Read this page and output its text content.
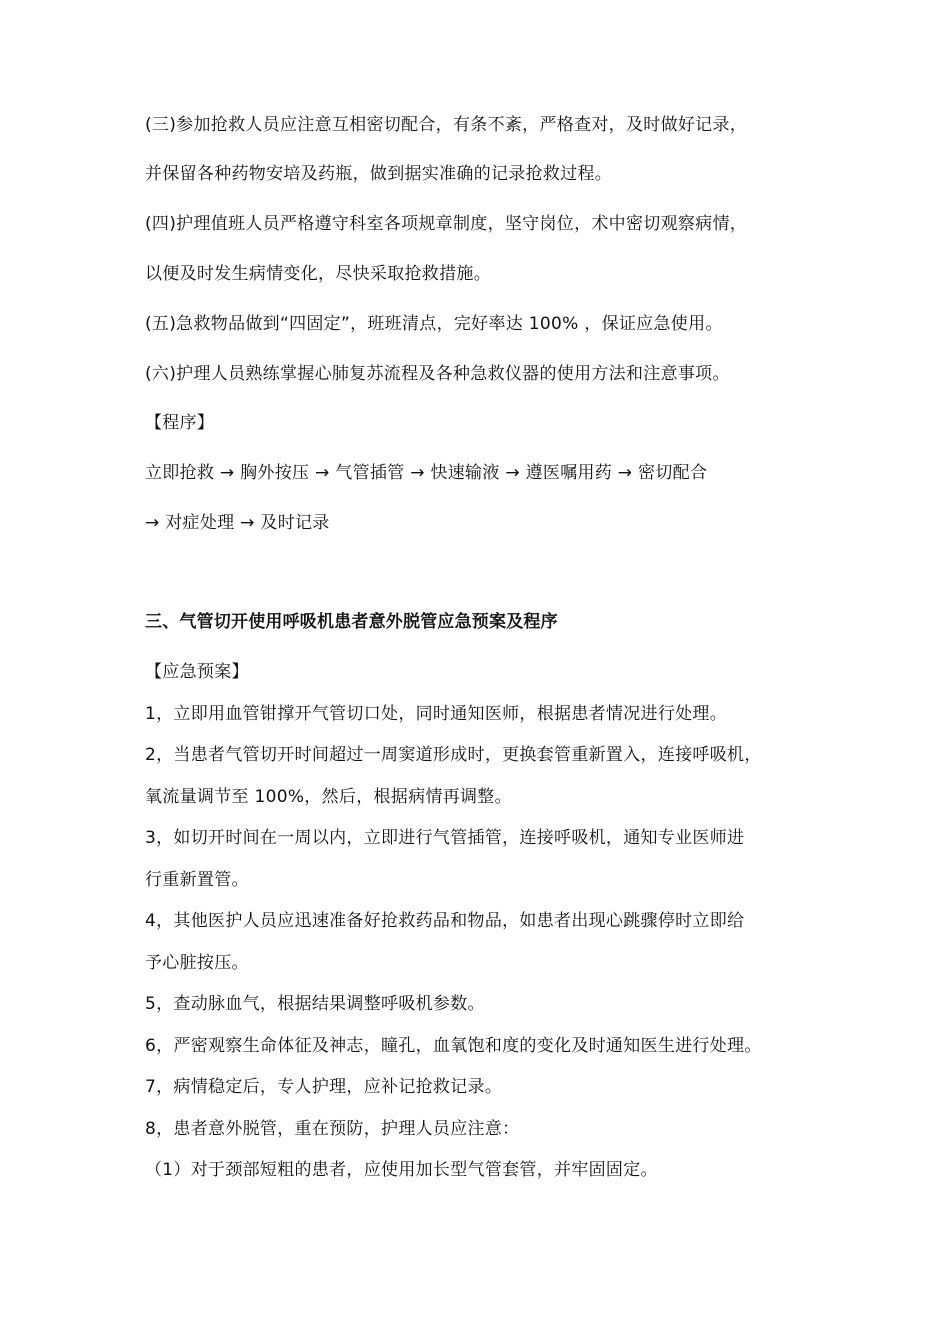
(三)参加抢救人员应注意互相密切配合，有条不紊，严格查对，及时做好记录，
并保留各种药物安培及药瓶，做到据实准确的记录抢救过程。
(四)护理值班人员严格遵守科室各项规章制度，坚守岗位，术中密切观察病情，
以便及时发生病情变化，尽快采取抢救措施。
(五)急救物品做到“四固定”，班班清点，完好率达 100% ，保证应急使用。
(六)护理人员熟练掌握心肺复苏流程及各种急救仪器的使用方法和注意事项。
【程序】
立即抢救 → 胸外按压 → 气管插管 → 快速输液 → 遵医嘱用药 → 密切配合
→ 对症处理 → 及时记录
三、气管切开使用呼吸机患者意外脱管应急预案及程序
【应急预案】
1，立即用血管钳撑开气管切口处，同时通知医师，根据患者情况进行处理。
2，当患者气管切开时间超过一周窦道形成时，更换套管重新置入，连接呼吸机，
氧流量调节至 100%，然后，根据病情再调整。
3，如切开时间在一周以内，立即进行气管插管，连接呼吸机，通知专业医师进
行重新置管。
4，其他医护人员应迅速准备好抢救药品和物品，如患者出现心跳骤停时立即给
予心脏按压。
5，查动脉血气，根据结果调整呼吸机参数。
6，严密观察生命体征及神志，瞳孔，血氧饱和度的变化及时通知医生进行处理。
7，病情稳定后，专人护理，应补记抢救记录。
8，患者意外脱管，重在预防，护理人员应注意：
（1）对于颈部短粗的患者，应使用加长型气管套管，并牢固固定。
